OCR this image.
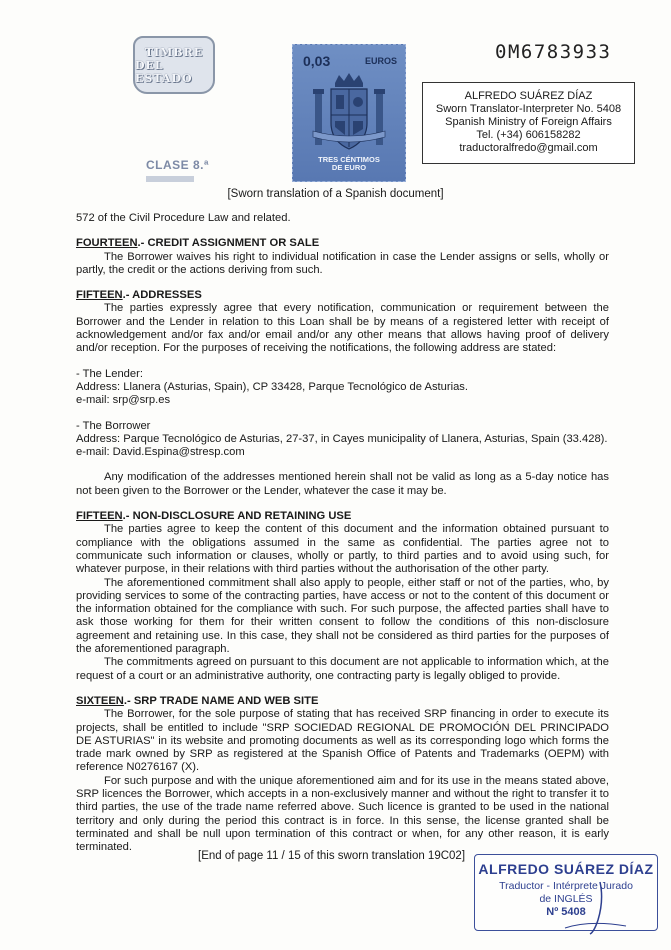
TIMBRE
DEL ESTADO
CLASE 8.ª
0,03	EUROS
TRES CÉNTIMOS
DE EURO
0M6783933
ALFREDO SUÁREZ DÍAZ
Sworn Translator-Interpreter No. 5408
Spanish Ministry of Foreign Affairs
Tel. (+34) 606158282
traductoralfredo@gmail.com
[Sworn translation of a Spanish document]

572 of the Civil Procedure Law and related.

FOURTEEN.- CREDIT ASSIGNMENT OR SALE

The Borrower waives his right to individual notification in case the Lender assigns or sells, wholly or partly, the credit or the actions deriving from such.

FIFTEEN.- ADDRESSES

The parties expressly agree that every notification, communication or requirement between the Borrower and the Lender in relation to this Loan shall be by means of a registered letter with receipt of acknowledgement and/or fax and/or email and/or any other means that allows having proof of delivery and/or reception. For the purposes of receiving the notifications, the following address are stated:

- The Lender:

Address: Llanera (Asturias, Spain), CP 33428, Parque Tecnológico de Asturias.

e-mail: srp@srp.es

- The Borrower

Address: Parque Tecnológico de Asturias, 27-37, in Cayes municipality of Llanera, Asturias, Spain (33.428).

e-mail: David.Espina@stresp.com

Any modification of the addresses mentioned herein shall not be valid as long as a 5-day notice has not been given to the Borrower or the Lender, whatever the case it may be.

FIFTEEN.- NON-DISCLOSURE AND RETAINING USE

The parties agree to keep the content of this document and the information obtained pursuant to compliance with the obligations assumed in the same as confidential. The parties agree not to communicate such information or clauses, wholly or partly, to third parties and to avoid using such, for whatever purpose, in their relations with third parties without the authorisation of the other party.

The aforementioned commitment shall also apply to people, either staff or not of the parties, who, by providing services to some of the contracting parties, have access or not to the content of this document or the information obtained for the compliance with such. For such purpose, the affected parties shall have to ask those working for them for their written consent to follow the conditions of this non-disclosure agreement and retaining use. In this case, they shall not be considered as third parties for the purposes of the aforementioned paragraph.

The commitments agreed on pursuant to this document are not applicable to information which, at the request of a court or an administrative authority, one contracting party is legally obliged to provide.

SIXTEEN.- SRP TRADE NAME AND WEB SITE

The Borrower, for the sole purpose of stating that has received SRP financing in order to execute its projects, shall be entitled to include "SRP SOCIEDAD REGIONAL DE PROMOCIÓN DEL PRINCIPADO DE ASTURIAS" in its website and promoting documents as well as its corresponding logo which forms the trade mark owned by SRP as registered at the Spanish Office of Patents and Trademarks (OEPM) with reference N0276167 (X).

For such purpose and with the unique aforementioned aim and for its use in the means stated above, SRP licences the Borrower, which accepts in a non-exclusively manner and without the right to transfer it to third parties, the use of the trade name referred above. Such licence is granted to be used in the national territory and only during the period this contract is in force. In this sense, the license granted shall be terminated and shall be null upon termination of this contract or when, for any other reason, it is early terminated.

[End of page 11 / 15 of this sworn translation 19C02]
ALFREDO SUÁREZ DÍAZ
Traductor - Intérprete Jurado
de INGLÉS
Nº 5408
